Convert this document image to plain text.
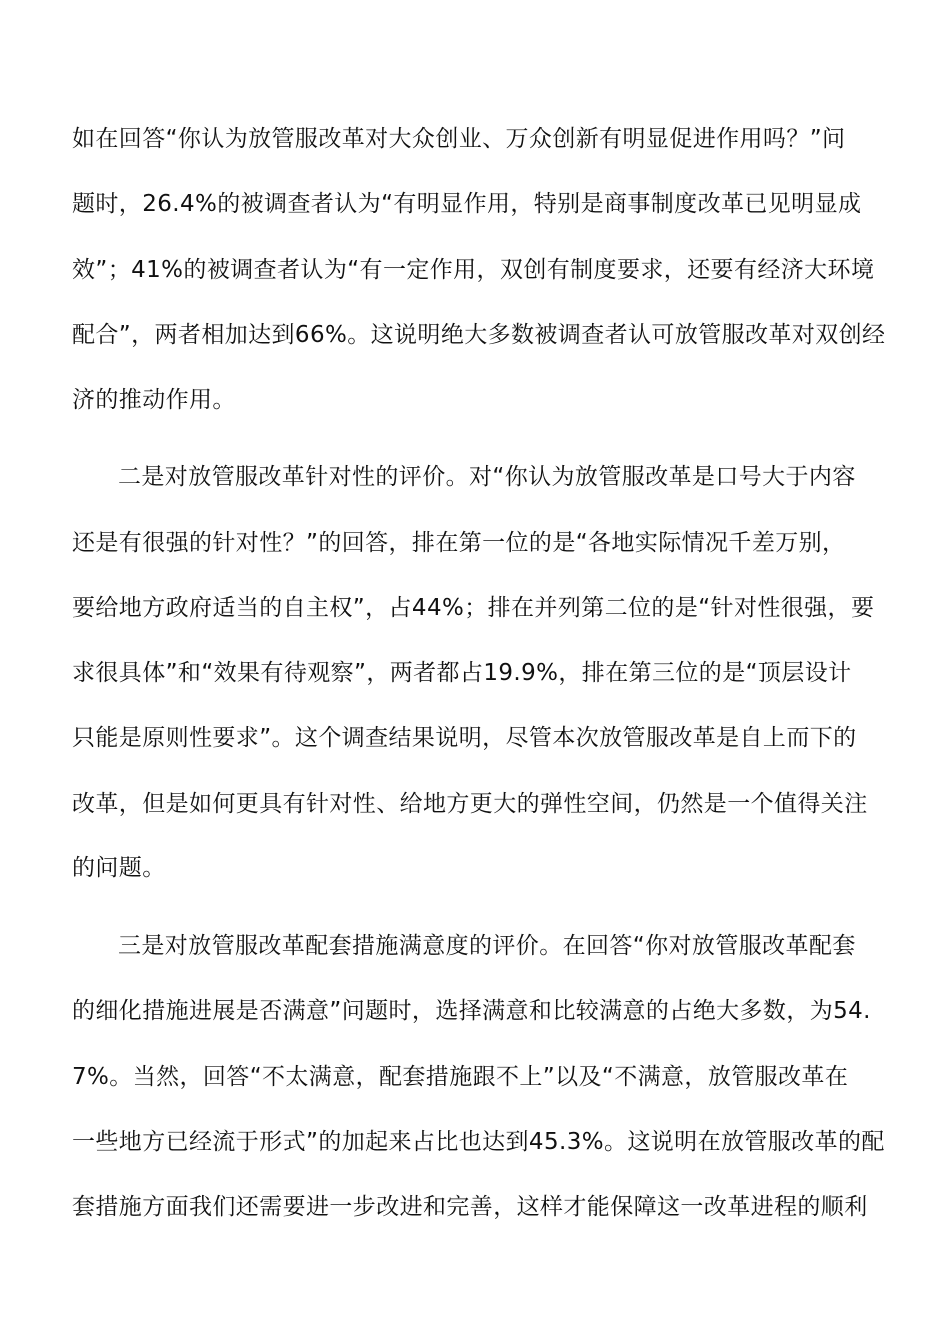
如在回答“你认为放管服改革对大众创业、万众创新有明显促进作用吗？”问
题时，26.4%的被调查者认为“有明显作用，特别是商事制度改革已见明显成
效”；41%的被调查者认为“有一定作用，双创有制度要求，还要有经济大环境
配合”，两者相加达到66%。这说明绝大多数被调查者认可放管服改革对双创经
济的推动作用。
二是对放管服改革针对性的评价。对“你认为放管服改革是口号大于内容
还是有很强的针对性？”的回答，排在第一位的是“各地实际情况千差万别，
要给地方政府适当的自主权”，占44%；排在并列第二位的是“针对性很强，要
求很具体”和“效果有待观察”，两者都占19.9%，排在第三位的是“顶层设计
只能是原则性要求”。这个调查结果说明，尽管本次放管服改革是自上而下的
改革，但是如何更具有针对性、给地方更大的弹性空间，仍然是一个值得关注
的问题。
三是对放管服改革配套措施满意度的评价。在回答“你对放管服改革配套
的细化措施进展是否满意”问题时，选择满意和比较满意的占绝大多数，为54.
7%。当然，回答“不太满意，配套措施跟不上”以及“不满意，放管服改革在
一些地方已经流于形式”的加起来占比也达到45.3%。这说明在放管服改革的配
套措施方面我们还需要进一步改进和完善，这样才能保障这一改革进程的顺利
